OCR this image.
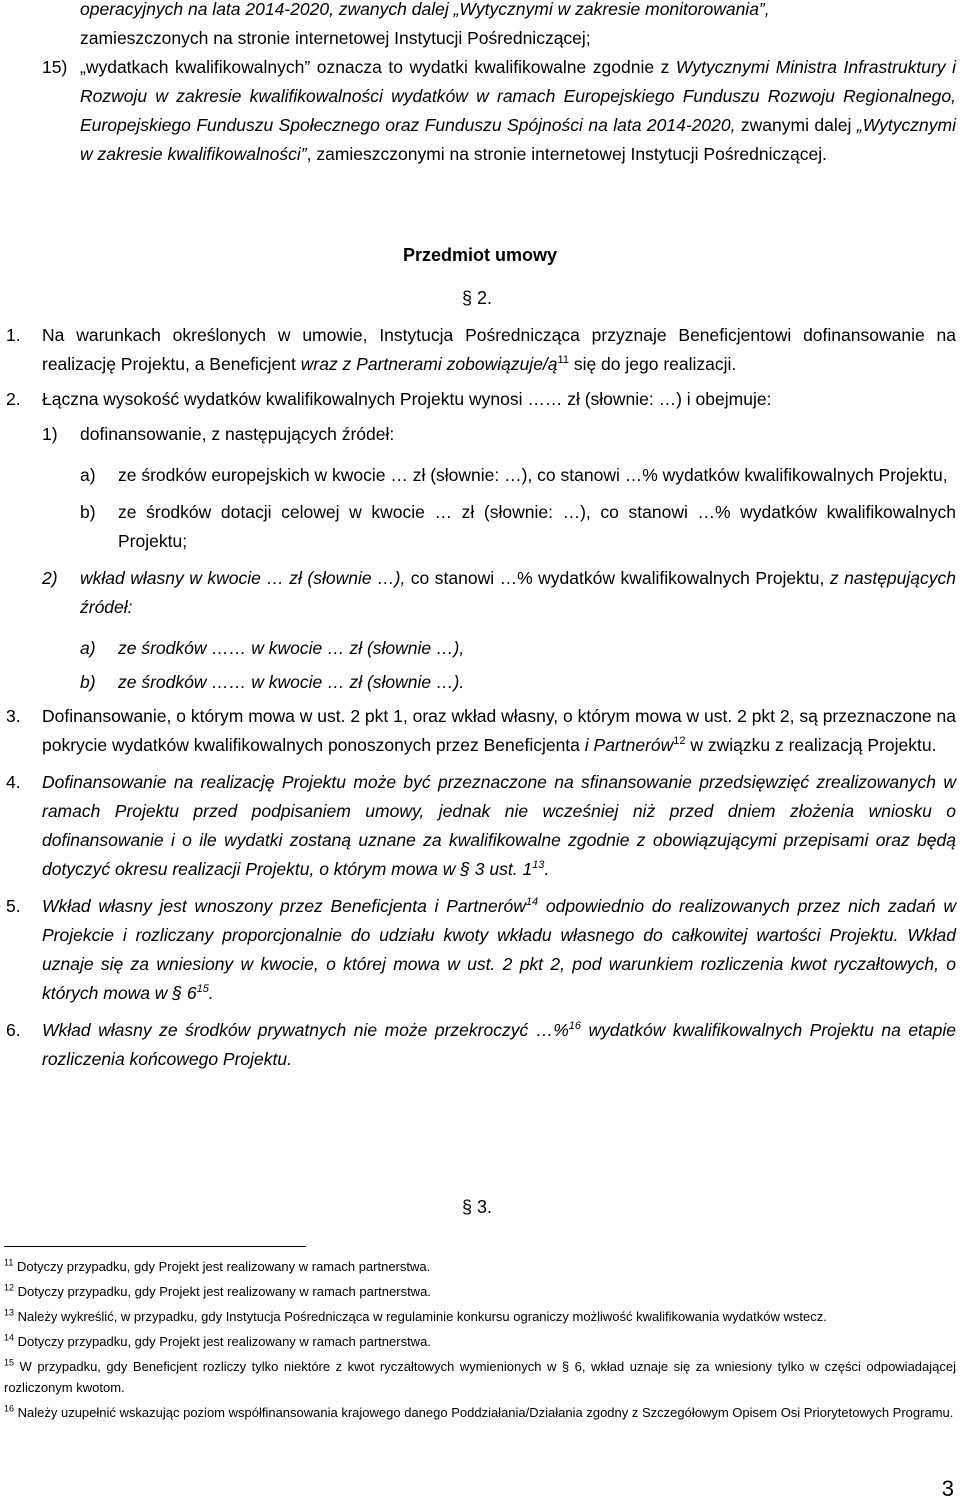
operacyjnych na lata 2014-2020, zwanych dalej „Wytycznymi w zakresie monitorowania”,
zamieszczonych na stronie internetowej Instytucji Pośredniczącej;

15) „wydatkach kwalifikowalnych” oznacza to wydatki kwalifikowalne zgodnie z Wytycznymi Ministra Infrastruktury i Rozwoju w zakresie kwalifikowalności wydatków w ramach Europejskiego Funduszu Rozwoju Regionalnego, Europejskiego Funduszu Społecznego oraz Funduszu Spójności na lata 2014-2020, zwanymi dalej „Wytycznymi w zakresie kwalifikowalności”, zamieszczonymi na stronie internetowej Instytucji Pośredniczącej.
Przedmiot umowy
§ 2.
1. Na warunkach określonych w umowie, Instytucja Pośrednicząca przyznaje Beneficjentowi dofinansowanie na realizację Projektu, a Beneficjent wraz z Partnerami zobowiązuje/$ą^{11}$ się do jego realizacji.
2. Łączna wysokość wydatków kwalifikowalnych Projektu wynosi …… zł (słownie: …) i obejmuje:
1) dofinansowanie, z następujących źródeł:
a) ze środków europejskich w kwocie … zł (słownie: …), co stanowi …% wydatków kwalifikowalnych Projektu,
b) ze środków dotacji celowej w kwocie … zł (słownie: …), co stanowi …% wydatków kwalifikowalnych Projektu;
2) wkład własny w kwocie … zł (słownie …), co stanowi …% wydatków kwalifikowalnych Projektu, z następujących źródeł:
a) ze środków …… w kwocie … zł (słownie …),
b) ze środków …… w kwocie … zł (słownie …).
3. Dofinansowanie, o którym mowa w ust. 2 pkt 1, oraz wkład własny, o którym mowa w ust. 2 pkt 2, są przeznaczone na pokrycie wydatków kwalifikowalnych ponoszonych przez Beneficjenta i Partnerów$^{12}$ w związku z realizacją Projektu.
4. Dofinansowanie na realizację Projektu może być przeznaczone na sfinansowanie przedsięwzięć zrealizowanych w ramach Projektu przed podpisaniem umowy, jednak nie wcześniej niż przed dniem złożenia wniosku o dofinansowanie i o ile wydatki zostaną uznane za kwalifikowalne zgodnie z obowiązującymi przepisami oraz będą dotyczyć okresu realizacji Projektu, o którym mowa w § 3 ust. $1^{13}$.
5. Wkład własny jest wnoszony przez Beneficjenta i Partnerów$^{14}$ odpowiednio do realizowanych przez nich zadań w Projekcie i rozliczany proporcjonalnie do udziału kwoty wkładu własnego do całkowitej wartości Projektu. Wkład uznaje się za wniesiony w kwocie, o której mowa w ust. 2 pkt 2, pod warunkiem rozliczenia kwot ryczałtowych, o których mowa w § $6^{15}$.
6. Wkład własny ze środków prywatnych nie może przekroczyć …%$^{16}$ wydatków kwalifikowalnych Projektu na etapie rozliczenia końcowego Projektu.
§ 3.

$^{11}$ Dotyczy przypadku, gdy Projekt jest realizowany w ramach partnerstwa.

$^{12}$ Dotyczy przypadku, gdy Projekt jest realizowany w ramach partnerstwa.

$^{13}$ Należy wykreślić, w przypadku, gdy Instytucja Pośrednicząca w regulaminie konkursu ograniczy możliwość kwalifikowania wydatków wstecz.

$^{14}$ Dotyczy przypadku, gdy Projekt jest realizowany w ramach partnerstwa.

$^{15}$ W przypadku, gdy Beneficjent rozliczy tylko niektóre z kwot ryczałtowych wymienionych w § 6, wkład uznaje się za wniesiony tylko w części odpowiadającej rozliczonym kwotom.

$^{16}$ Należy uzupełnić wskazując poziom współfinansowania krajowego danego Poddziałania/Działania zgodny z Szczegółowym Opisem Osi Priorytetowych Programu.

3
